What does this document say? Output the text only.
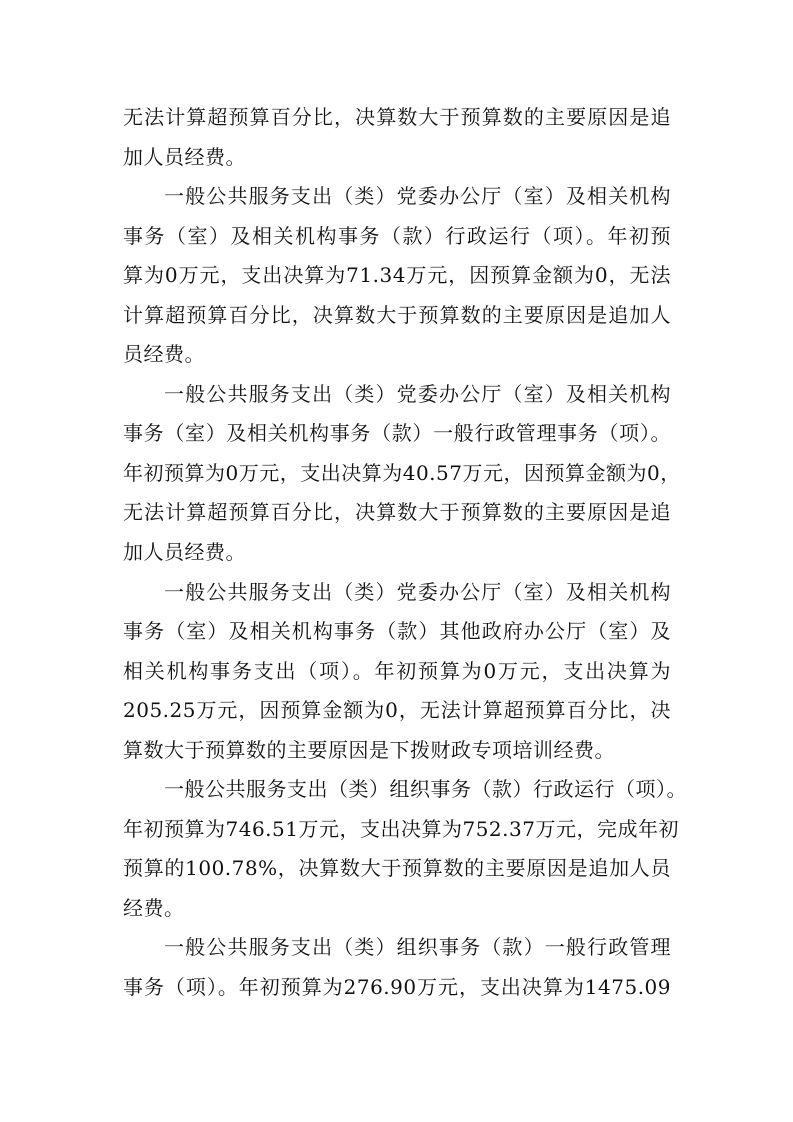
无法计算超预算百分比，决算数大于预算数的主要原因是追
加人员经费。
一般公共服务支出（类）党委办公厅（室）及相关机构
事务（室）及相关机构事务（款）行政运行（项）。年初预
算为0万元，支出决算为71.34万元，因预算金额为0，无法
计算超预算百分比，决算数大于预算数的主要原因是追加人
员经费。
一般公共服务支出（类）党委办公厅（室）及相关机构
事务（室）及相关机构事务（款）一般行政管理事务（项）。
年初预算为0万元，支出决算为40.57万元，因预算金额为0，
无法计算超预算百分比，决算数大于预算数的主要原因是追
加人员经费。
一般公共服务支出（类）党委办公厅（室）及相关机构
事务（室）及相关机构事务（款）其他政府办公厅（室）及
相关机构事务支出（项）。年初预算为0万元，支出决算为
205.25万元，因预算金额为0，无法计算超预算百分比，决
算数大于预算数的主要原因是下拨财政专项培训经费。
一般公共服务支出（类）组织事务（款）行政运行（项）。
年初预算为746.51万元，支出决算为752.37万元，完成年初
预算的100.78%，决算数大于预算数的主要原因是追加人员
经费。
一般公共服务支出（类）组织事务（款）一般行政管理
事务（项）。年初预算为276.90万元，支出决算为1475.09
